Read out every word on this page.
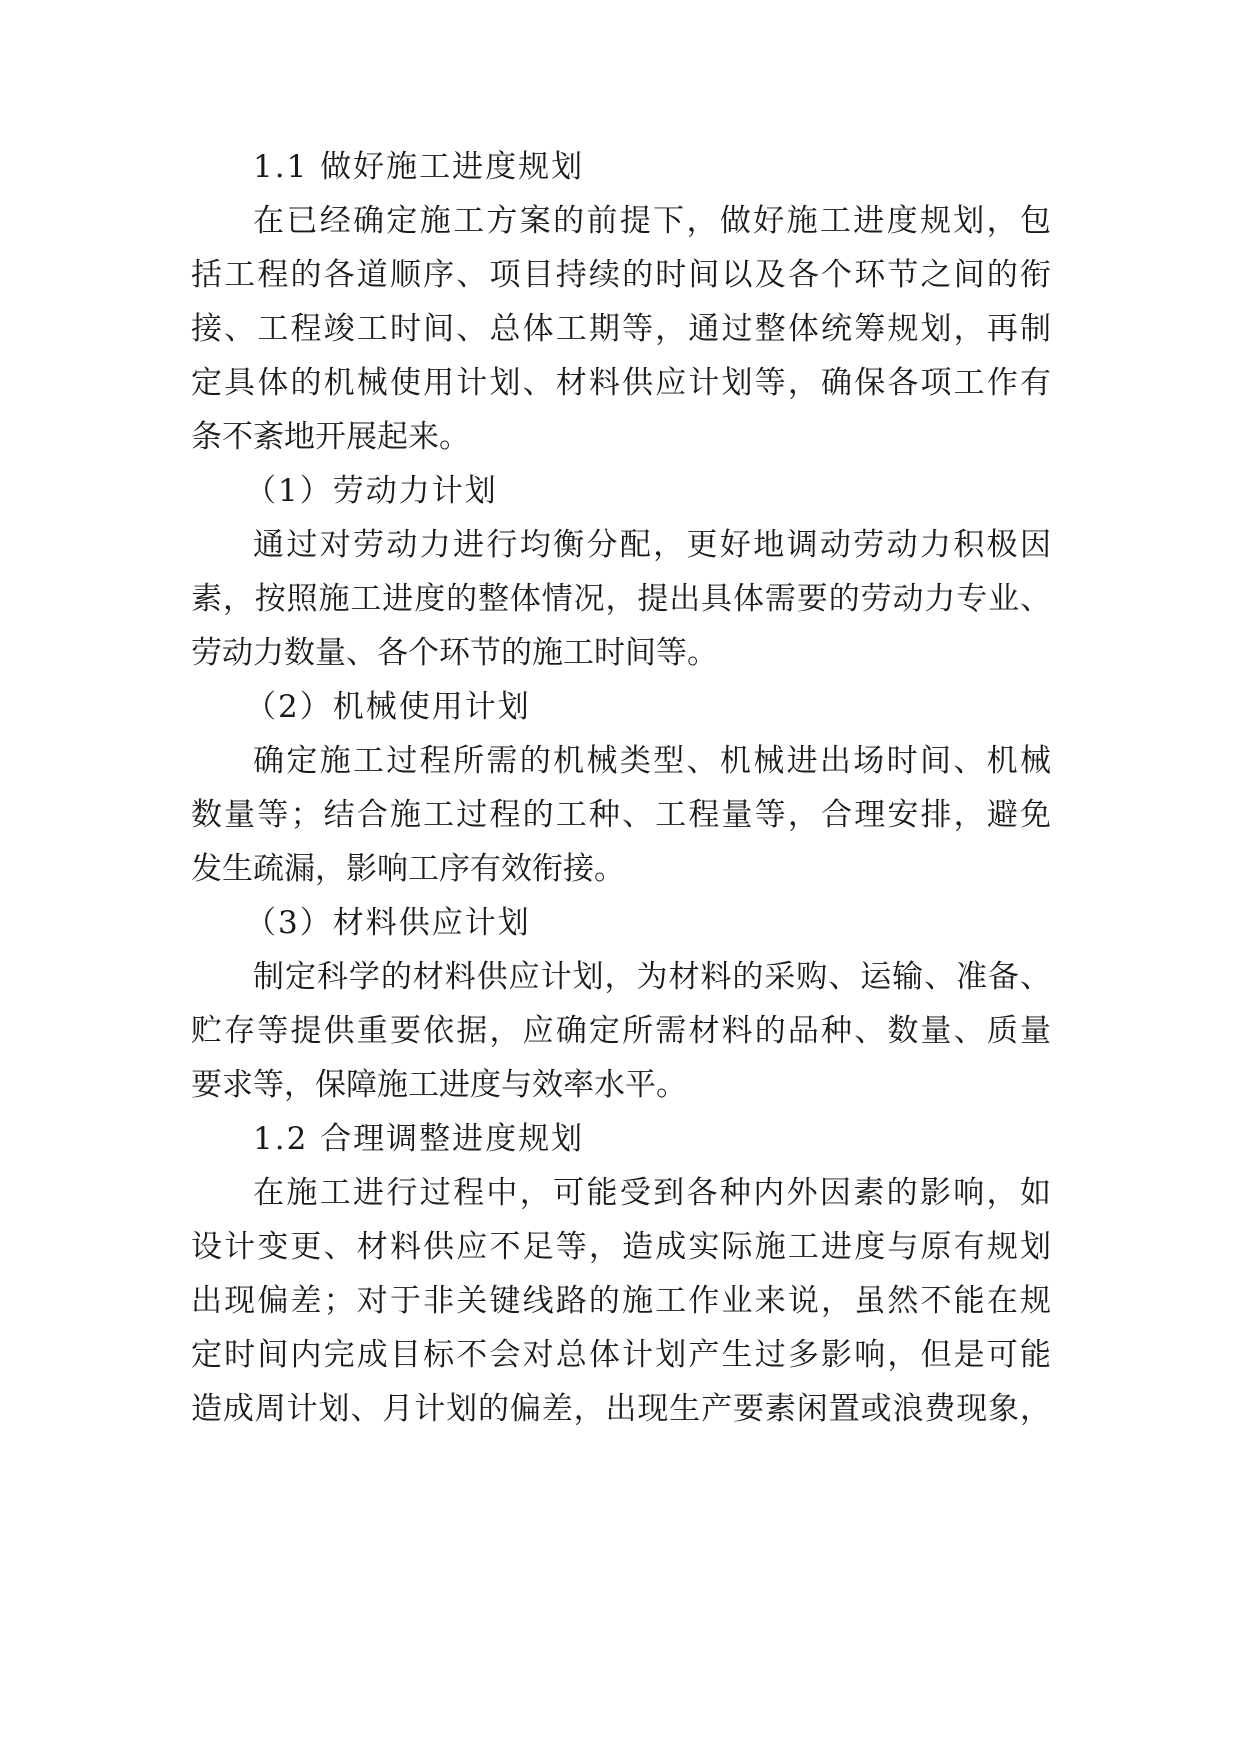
1.1 做好施工进度规划
在已经确定施工方案的前提下，做好施工进度规划，包
括工程的各道顺序、项目持续的时间以及各个环节之间的衔
接、工程竣工时间、总体工期等，通过整体统筹规划，再制
定具体的机械使用计划、材料供应计划等，确保各项工作有
条不紊地开展起来。
（1）劳动力计划
通过对劳动力进行均衡分配，更好地调动劳动力积极因
素，按照施工进度的整体情况，提出具体需要的劳动力专业、
劳动力数量、各个环节的施工时间等。
（2）机械使用计划
确定施工过程所需的机械类型、机械进出场时间、机械
数量等；结合施工过程的工种、工程量等，合理安排，避免
发生疏漏，影响工序有效衔接。
（3）材料供应计划
制定科学的材料供应计划，为材料的采购、运输、准备、
贮存等提供重要依据，应确定所需材料的品种、数量、质量
要求等，保障施工进度与效率水平。
1.2 合理调整进度规划
在施工进行过程中，可能受到各种内外因素的影响，如
设计变更、材料供应不足等，造成实际施工进度与原有规划
出现偏差；对于非关键线路的施工作业来说，虽然不能在规
定时间内完成目标不会对总体计划产生过多影响，但是可能
造成周计划、月计划的偏差，出现生产要素闲置或浪费现象，
